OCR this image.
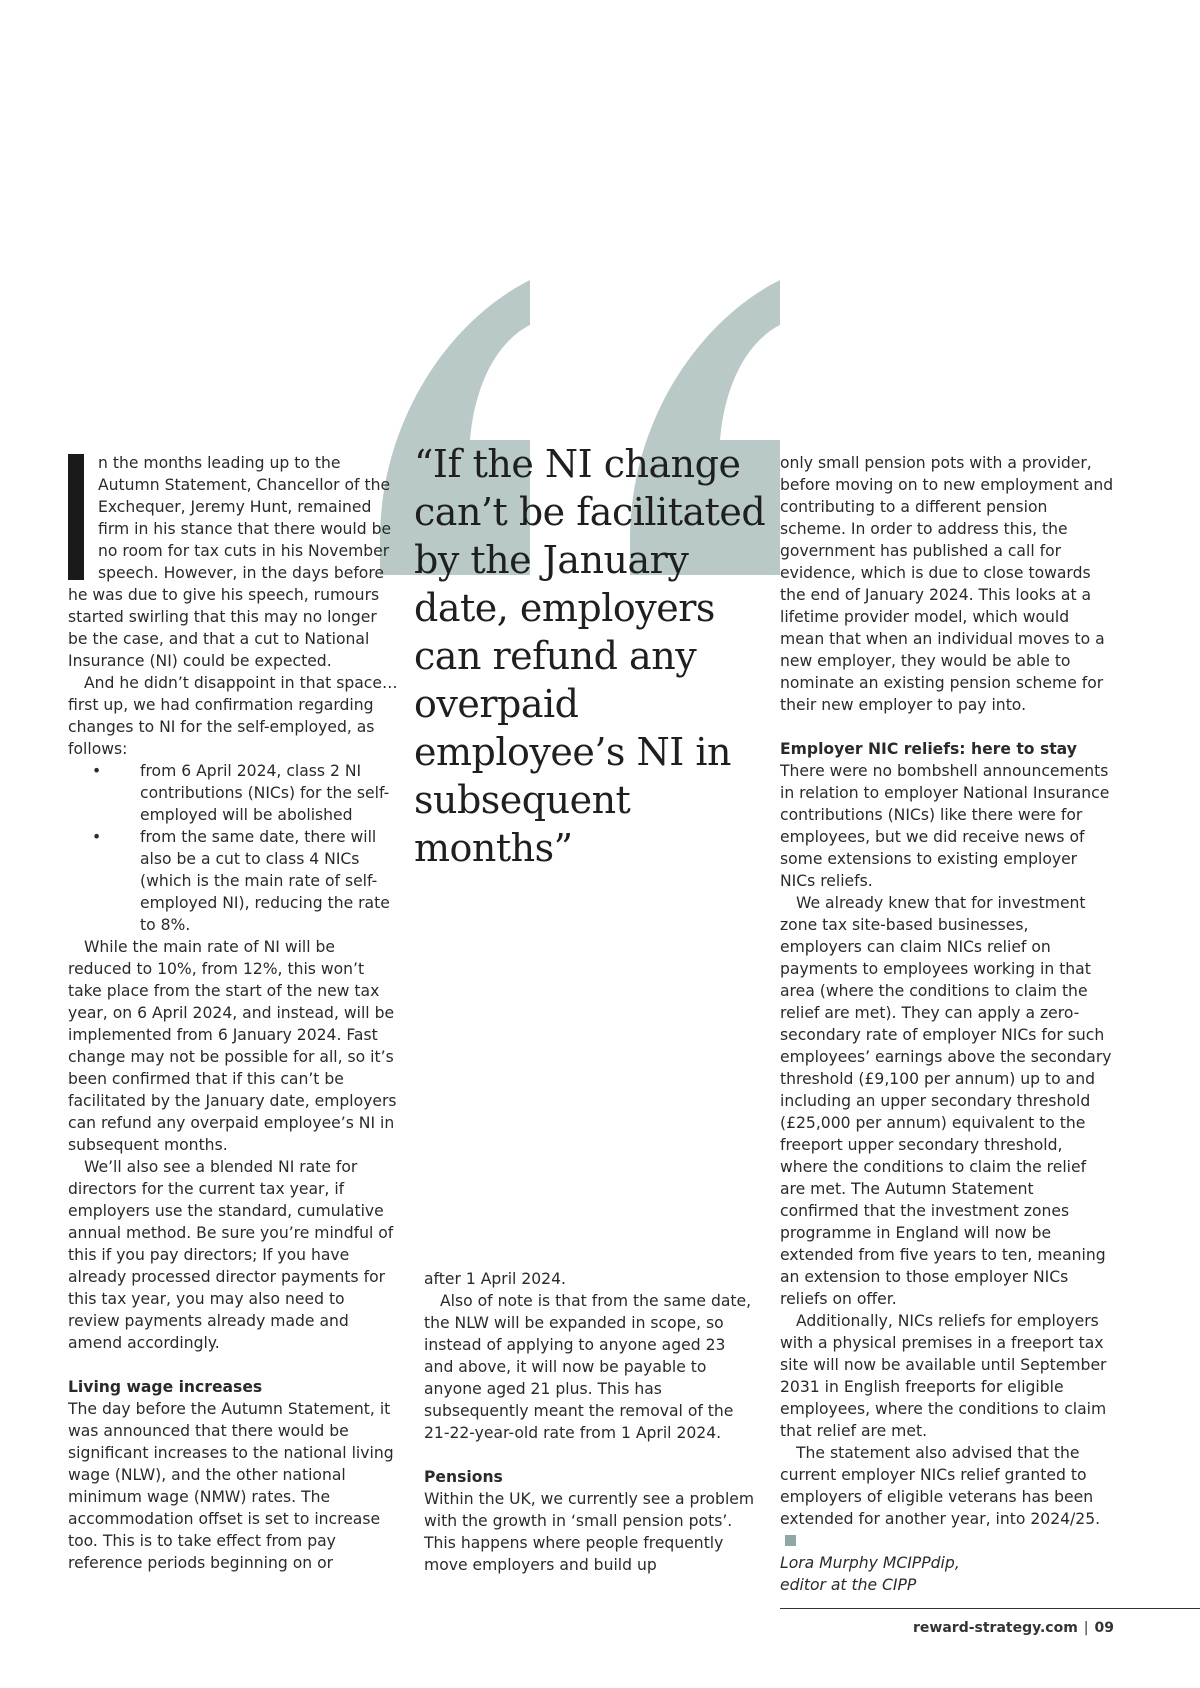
n the months leading up to the Autumn Statement, Chancellor of the Exchequer, Jeremy Hunt, remained firm in his stance that there would be no room for tax cuts in his November speech. However, in the days before he was due to give his speech, rumours started swirling that this may no longer be the case, and that a cut to National Insurance (NI) could be expected.

And he didn’t disappoint in that space… first up, we had confirmation regarding changes to NI for the self-employed, as follows:

• from 6 April 2024, class 2 NI contributions (NICs) for the self-employed will be abolished
• from the same date, there will also be a cut to class 4 NICs (which is the main rate of self-employed NI), reducing the rate to 8%.

While the main rate of NI will be reduced to 10%, from 12%, this won’t take place from the start of the new tax year, on 6 April 2024, and instead, will be implemented from 6 January 2024. Fast change may not be possible for all, so it’s been confirmed that if this can’t be facilitated by the January date, employers can refund any overpaid employee’s NI in subsequent months.

We’ll also see a blended NI rate for directors for the current tax year, if employers use the standard, cumulative annual method. Be sure you’re mindful of this if you pay directors; If you have already processed director payments for this tax year, you may also need to review payments already made and amend accordingly.

Living wage increases

The day before the Autumn Statement, it was announced that there would be significant increases to the national living wage (NLW), and the other national minimum wage (NMW) rates. The accommodation offset is set to increase too. This is to take effect from pay reference periods beginning on or

“If the NI change can’t be facilitated by the January date, employers can refund any overpaid employee’s NI in subsequent months”

after 1 April 2024.

Also of note is that from the same date, the NLW will be expanded in scope, so instead of applying to anyone aged 23 and above, it will now be payable to anyone aged 21 plus. This has subsequently meant the removal of the 21-22-year-old rate from 1 April 2024.

Pensions

Within the UK, we currently see a problem with the growth in ‘small pension pots’. This happens where people frequently move employers and build up

only small pension pots with a provider, before moving on to new employment and contributing to a different pension scheme. In order to address this, the government has published a call for evidence, which is due to close towards the end of January 2024. This looks at a lifetime provider model, which would mean that when an individual moves to a new employer, they would be able to nominate an existing pension scheme for their new employer to pay into.

Employer NIC reliefs: here to stay

There were no bombshell announcements in relation to employer National Insurance contributions (NICs) like there were for employees, but we did receive news of some extensions to existing employer NICs reliefs.

We already knew that for investment zone tax site-based businesses, employers can claim NICs relief on payments to employees working in that area (where the conditions to claim the relief are met). They can apply a zero-secondary rate of employer NICs for such employees’ earnings above the secondary threshold (£9,100 per annum) up to and including an upper secondary threshold (£25,000 per annum) equivalent to the freeport upper secondary threshold, where the conditions to claim the relief are met. The Autumn Statement confirmed that the investment zones programme in England will now be extended from five years to ten, meaning an extension to those employer NICs reliefs on offer.

Additionally, NICs reliefs for employers with a physical premises in a freeport tax site will now be available until September 2031 in English freeports for eligible employees, where the conditions to claim that relief are met.

The statement also advised that the current employer NICs relief granted to employers of eligible veterans has been extended for another year, into 2024/25.

Lora Murphy MCIPPdip,

editor at the CIPP

reward-strategy.com | 09
